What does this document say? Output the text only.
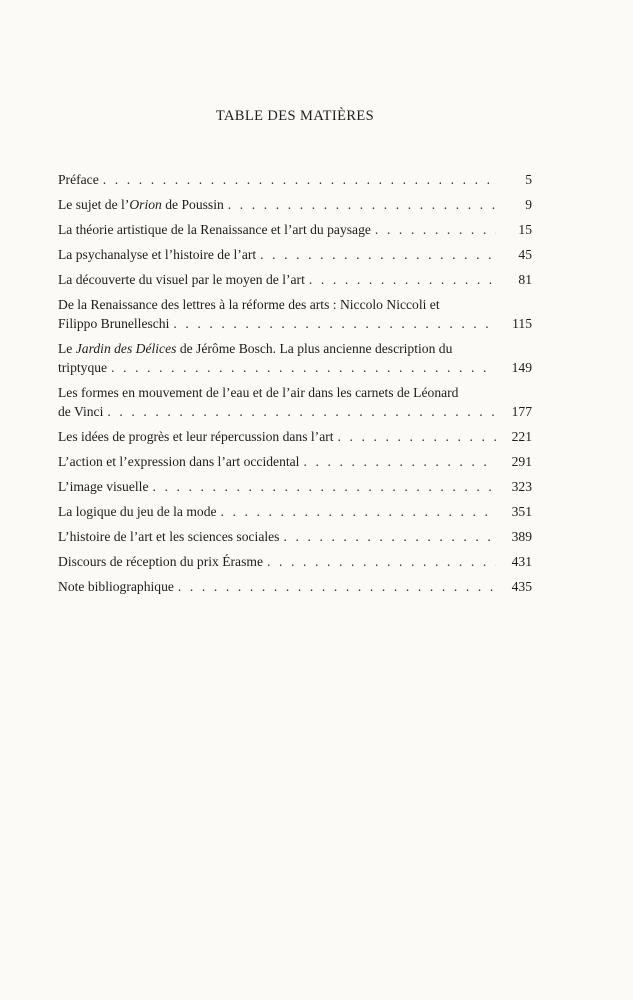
TABLE DES MATIÈRES
Préface . . .	5
Le sujet de l’Orion de Poussin . . .	9
La théorie artistique de la Renaissance et l’art du paysage . . .	15
La psychanalyse et l’histoire de l’art . . .	45
La découverte du visuel par le moyen de l’art . . .	81
De la Renaissance des lettres à la réforme des arts : Niccolo Niccoli et
Filippo Brunelleschi . . .	115
Le Jardin des Délices de Jérôme Bosch. La plus ancienne description du
triptyque . . .	149
Les formes en mouvement de l’eau et de l’air dans les carnets de Léonard
de Vinci . . .	177
Les idées de progrès et leur répercussion dans l’art . . .	221
L’action et l’expression dans l’art occidental . . .	291
L’image visuelle . . .	323
La logique du jeu de la mode . . .	351
L’histoire de l’art et les sciences sociales . . .	389
Discours de réception du prix Érasme . . .	431
Note bibliographique . . .	435
